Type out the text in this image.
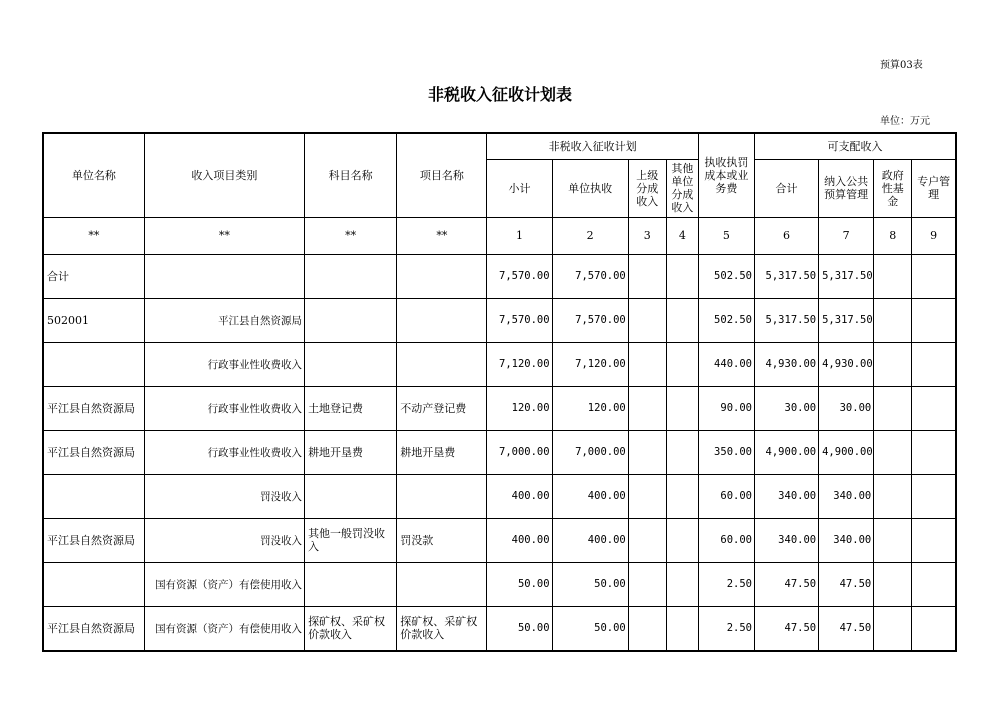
预算03表
非税收入征收计划表
单位：万元
单位名称	收入项目类别	科目名称	项目名称	非税收入征收计划				执收执罚成本或业务费	可支配收入			
				小计	单位执收	上级分成收入	其他单位分成收入		合计	纳入公共预算管理	政府性基金	专户管理
**	**	**	**	1	2	3	4	5	6	7	8	9
合计				7,570.00	7,570.00			502.50	5,317.50	5,317.50		
502001	平江县自然资源局			7,570.00	7,570.00			502.50	5,317.50	5,317.50		
	行政事业性收费收入			7,120.00	7,120.00			440.00	4,930.00	4,930.00		
平江县自然资源局	行政事业性收费收入	土地登记费	不动产登记费	120.00	120.00			90.00	30.00	30.00		
平江县自然资源局	行政事业性收费收入	耕地开垦费	耕地开垦费	7,000.00	7,000.00			350.00	4,900.00	4,900.00		
	罚没收入			400.00	400.00			60.00	340.00	340.00		
平江县自然资源局	罚没收入	其他一般罚没收入	罚没款	400.00	400.00			60.00	340.00	340.00		
	国有资源（资产）有偿使用收入			50.00	50.00			2.50	47.50	47.50		
平江县自然资源局	国有资源（资产）有偿使用收入	探矿权、采矿权价款收入	探矿权、采矿权价款收入	50.00	50.00			2.50	47.50	47.50		
